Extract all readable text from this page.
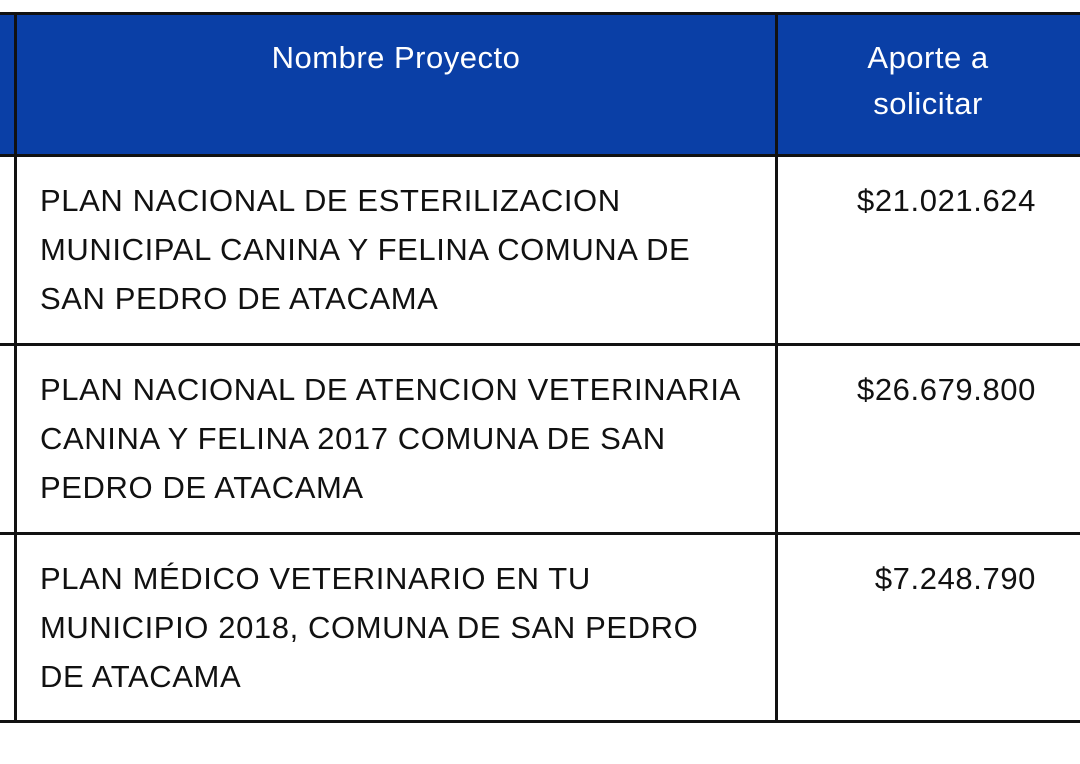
Nombre Proyecto	Aporte a
solicitar
PLAN NACIONAL DE ESTERILIZACION
MUNICIPAL CANINA Y FELINA COMUNA DE
SAN PEDRO DE ATACAMA
$21.021.624
PLAN NACIONAL DE ATENCION VETERINARIA
CANINA Y FELINA 2017 COMUNA DE SAN
PEDRO DE ATACAMA
$26.679.800
PLAN MÉDICO VETERINARIO EN TU
MUNICIPIO 2018, COMUNA DE SAN PEDRO
DE ATACAMA
$7.248.790
